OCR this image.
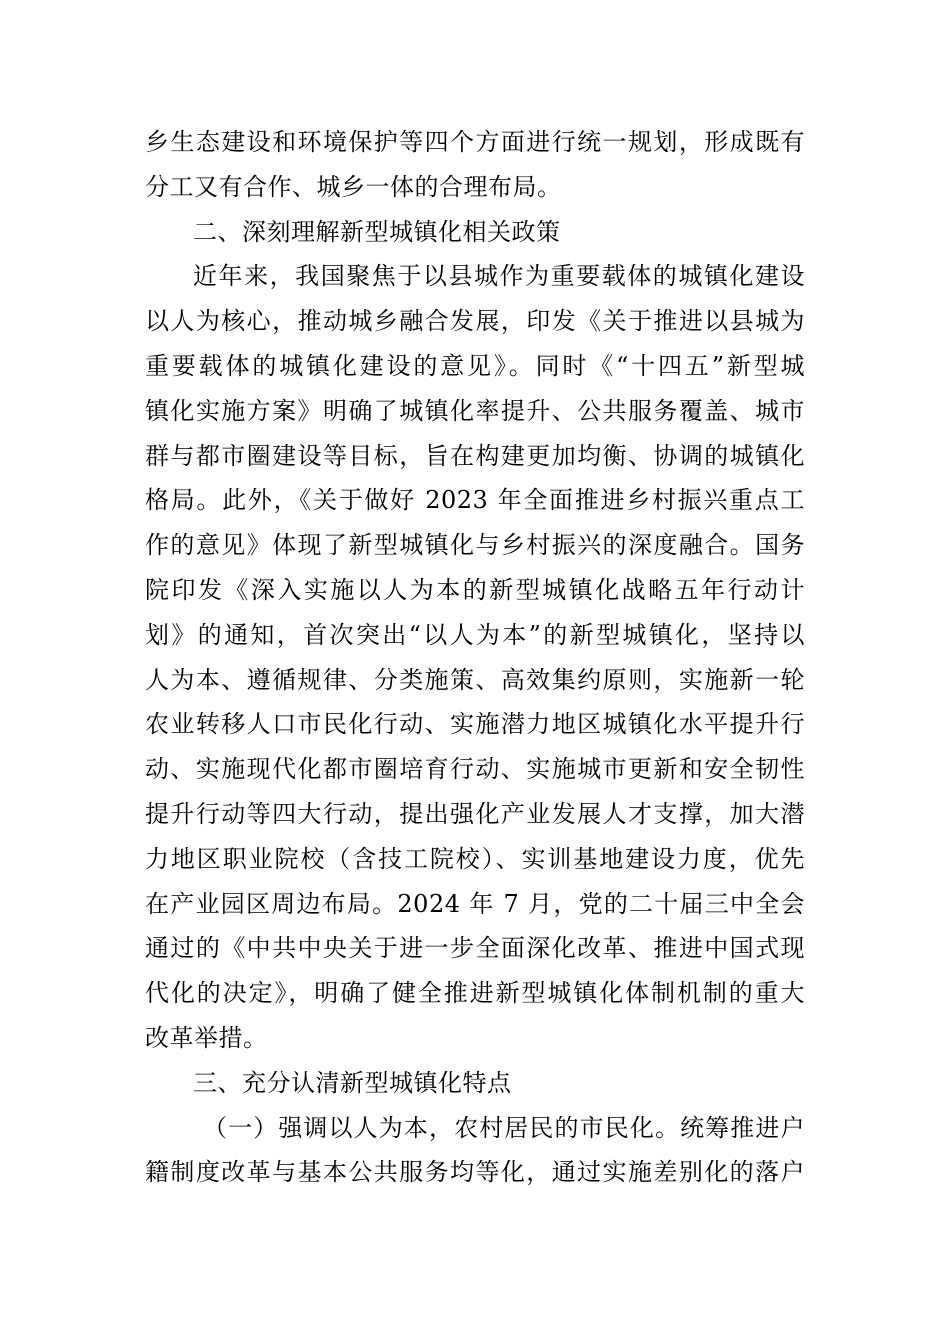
乡生态建设和环境保护等四个方面进行统一规划，形成既有
分工又有合作、城乡一体的合理布局。
二、深刻理解新型城镇化相关政策
近年来，我国聚焦于以县城作为重要载体的城镇化建设
以人为核心，推动城乡融合发展，印发《关于推进以县城为
重要载体的城镇化建设的意见》。同时《“十四五”新型城
镇化实施方案》明确了城镇化率提升、公共服务覆盖、城市
群与都市圈建设等目标，旨在构建更加均衡、协调的城镇化
格局。此外，《关于做好 2023 年全面推进乡村振兴重点工
作的意见》体现了新型城镇化与乡村振兴的深度融合。国务
院印发《深入实施以人为本的新型城镇化战略五年行动计
划》的通知，首次突出“以人为本”的新型城镇化，坚持以
人为本、遵循规律、分类施策、高效集约原则，实施新一轮
农业转移人口市民化行动、实施潜力地区城镇化水平提升行
动、实施现代化都市圈培育行动、实施城市更新和安全韧性
提升行动等四大行动，提出强化产业发展人才支撑，加大潜
力地区职业院校（含技工院校）、实训基地建设力度，优先
在产业园区周边布局。2024 年 7 月，党的二十届三中全会
通过的《中共中央关于进一步全面深化改革、推进中国式现
代化的决定》，明确了健全推进新型城镇化体制机制的重大
改革举措。
三、充分认清新型城镇化特点
（一）强调以人为本，农村居民的市民化。统筹推进户
籍制度改革与基本公共服务均等化，通过实施差别化的落户
